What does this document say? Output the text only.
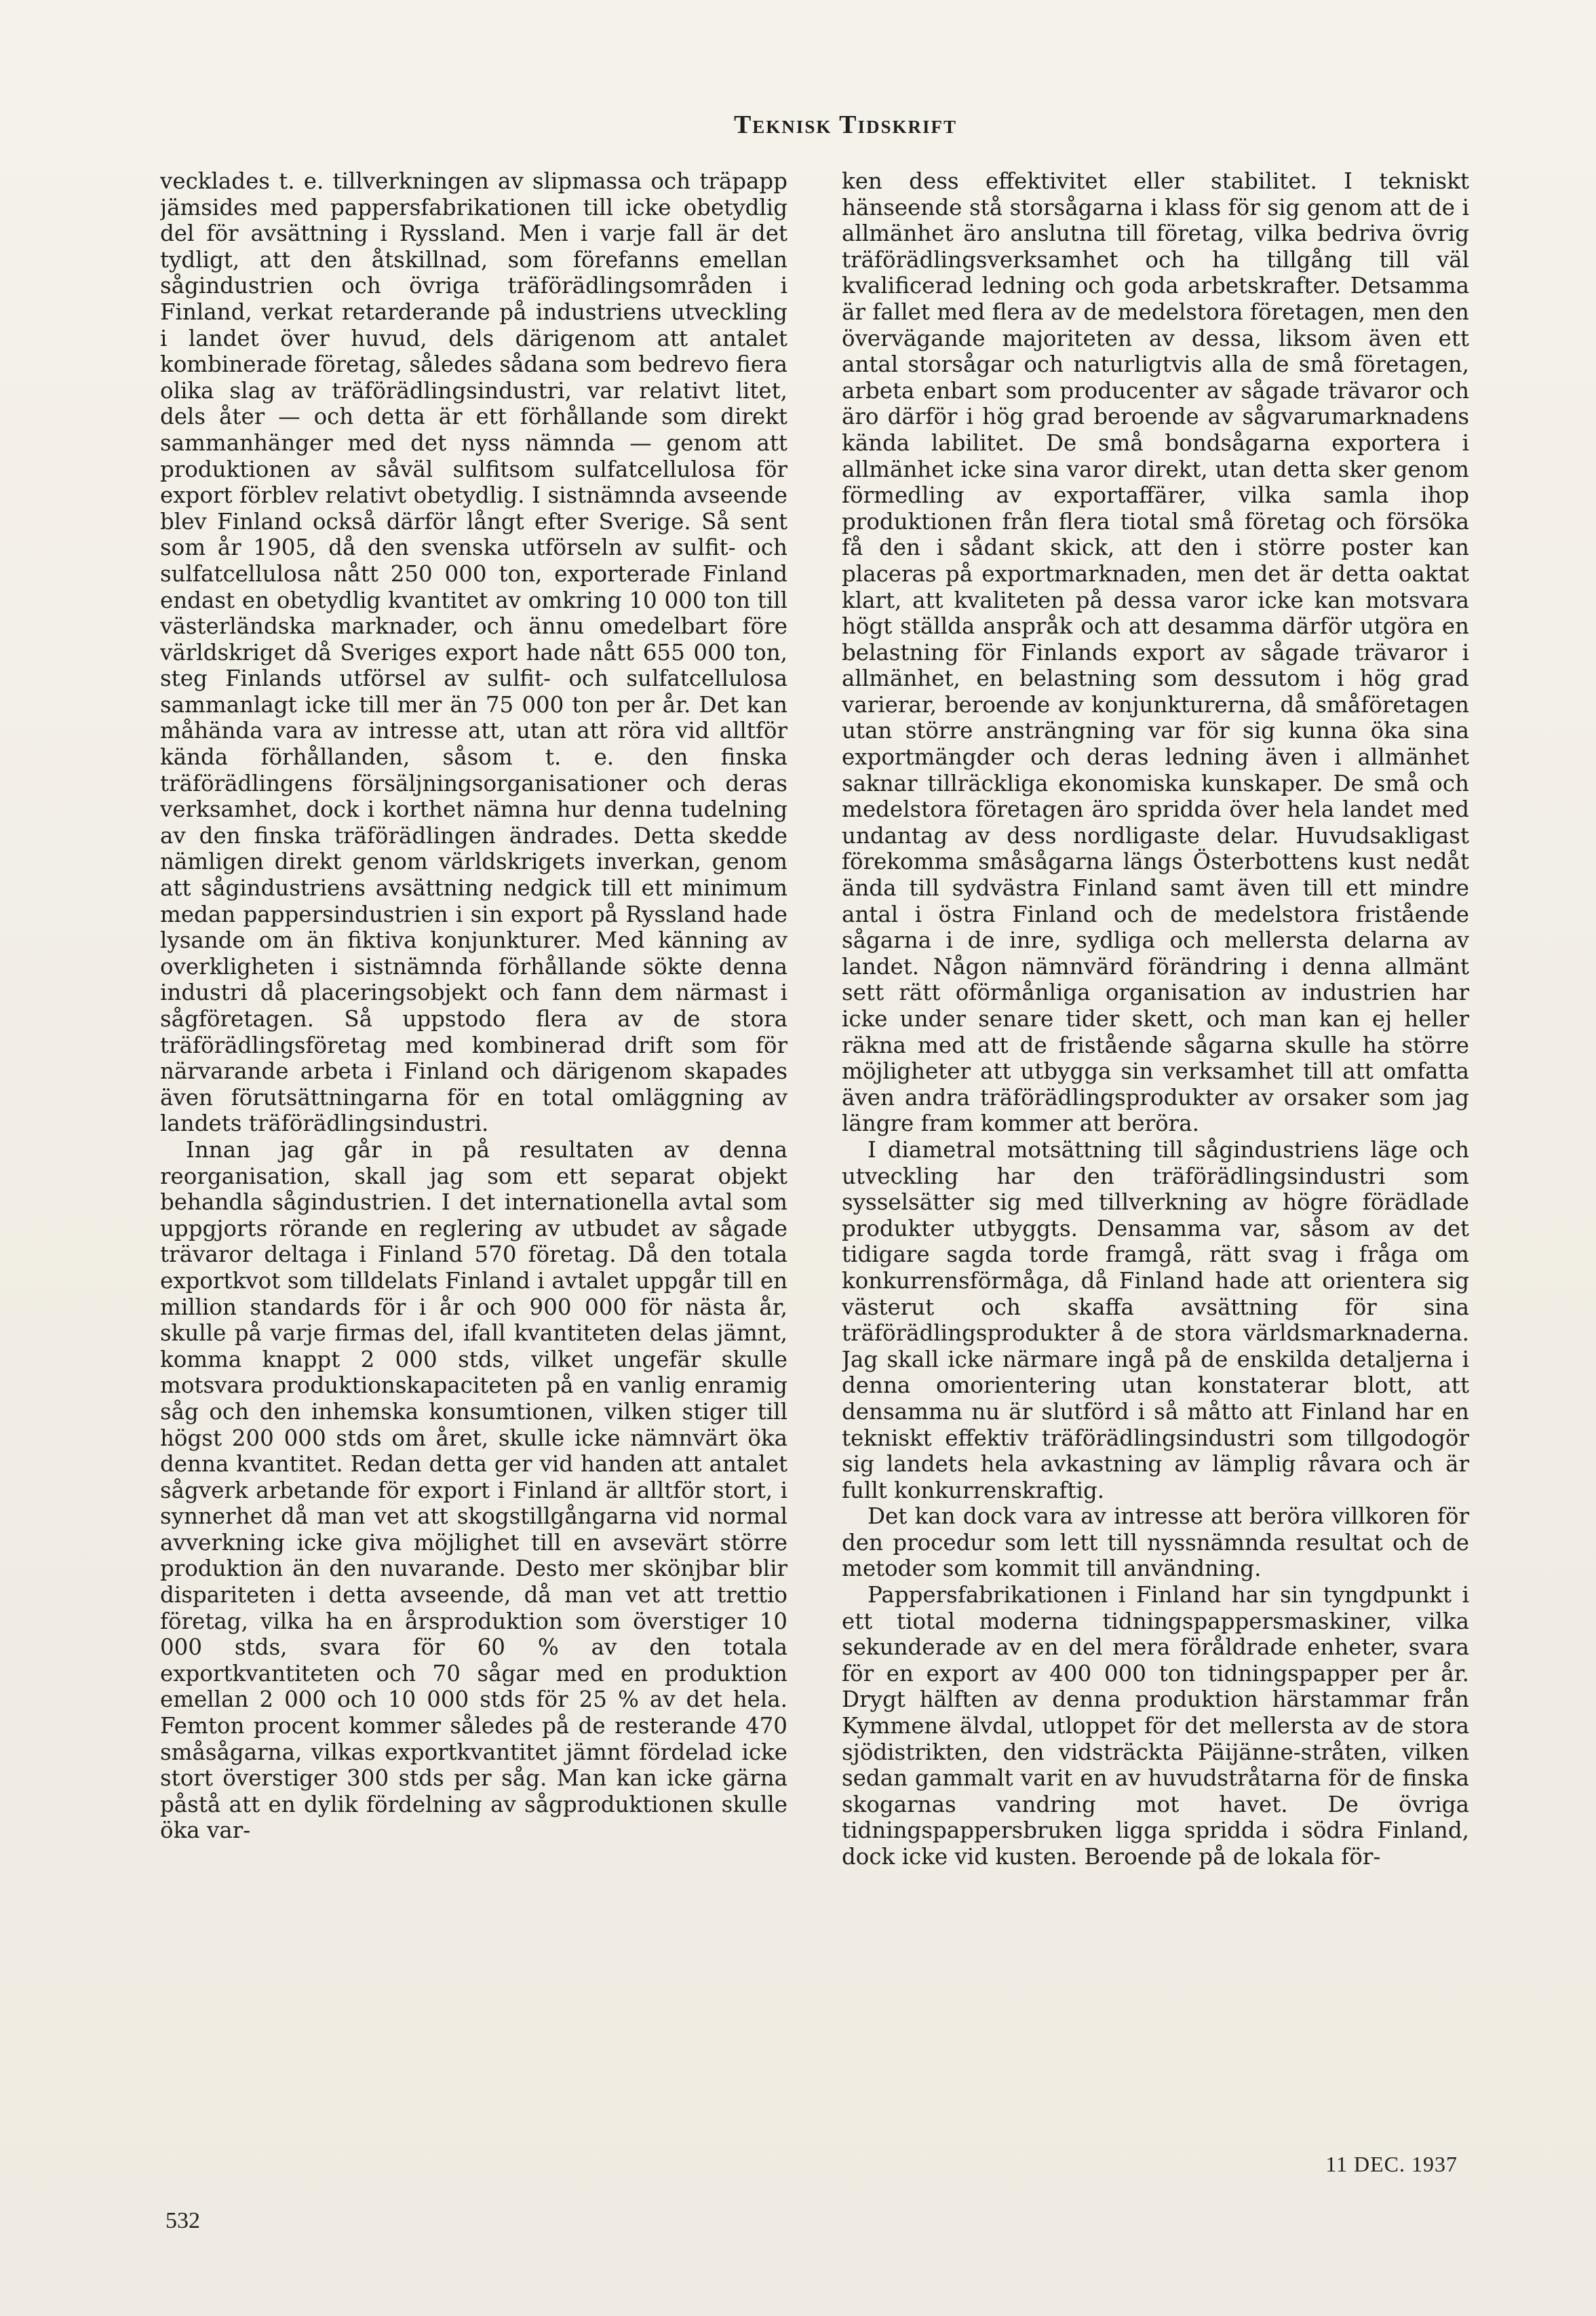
Teknisk Tidskrift

vecklades t. e. tillverkningen av slipmassa och träpapp jämsides med pappersfabrikationen till icke obetydlig del för avsättning i Ryssland. Men i varje fall är det tydligt, att den åtskillnad, som förefanns emellan sågindustrien och övriga träförädlingsområden i Finland, verkat retarderande på industriens utveckling i landet över huvud, dels därigenom att antalet kombinerade företag, således sådana som bedrevo fiera olika slag av träförädlingsindustri, var relativt litet, dels åter — och detta är ett förhållande som direkt sammanhänger med det nyss nämnda — genom att produktionen av såväl sulfitsom sulfatcellulosa för export förblev relativt obetydlig. I sistnämnda avseende blev Finland också därför långt efter Sverige. Så sent som år 1905, då den svenska utförseln av sulfit- och sulfatcellulosa nått 250 000 ton, exporterade Finland endast en obetydlig kvantitet av omkring 10 000 ton till västerländska marknader, och ännu omedelbart före världskriget då Sveriges export hade nått 655 000 ton, steg Finlands utförsel av sulfit- och sulfatcellulosa sammanlagt icke till mer än 75 000 ton per år. Det kan måhända vara av intresse att, utan att röra vid alltför kända förhållanden, såsom t. e. den finska träförädlingens försäljningsorganisationer och deras verksamhet, dock i korthet nämna hur denna tudelning av den finska träförädlingen ändrades. Detta skedde nämligen direkt genom världskrigets inverkan, genom att sågindustriens avsättning nedgick till ett minimum medan pappersindustrien i sin export på Ryssland hade lysande om än fiktiva konjunkturer. Med känning av overkligheten i sistnämnda förhållande sökte denna industri då placeringsobjekt och fann dem närmast i sågföretagen. Så uppstodo flera av de stora träförädlingsföretag med kombinerad drift som för närvarande arbeta i Finland och därigenom skapades även förutsättningarna för en total omläggning av landets träförädlingsindustri.

Innan jag går in på resultaten av denna reorganisation, skall jag som ett separat objekt behandla sågindustrien. I det internationella avtal som uppgjorts rörande en reglering av utbudet av sågade trävaror deltaga i Finland 570 företag. Då den totala exportkvot som tilldelats Finland i avtalet uppgår till en million standards för i år och 900 000 för nästa år, skulle på varje firmas del, ifall kvantiteten delas jämnt, komma knappt 2 000 stds, vilket ungefär skulle motsvara produktionskapaciteten på en vanlig enramig såg och den inhemska konsumtionen, vilken stiger till högst 200 000 stds om året, skulle icke nämnvärt öka denna kvantitet. Redan detta ger vid handen att antalet sågverk arbetande för export i Finland är alltför stort, i synnerhet då man vet att skogstillgångarna vid normal avverkning icke giva möjlighet till en avsevärt större produktion än den nuvarande. Desto mer skönjbar blir dispariteten i detta avseende, då man vet att trettio företag, vilka ha en årsproduktion som överstiger 10 000 stds, svara för 60 % av den totala exportkvantiteten och 70 sågar med en produktion emellan 2 000 och 10 000 stds för 25 % av det hela. Femton procent kommer således på de resterande 470 småsågarna, vilkas exportkvantitet jämnt fördelad icke stort överstiger 300 stds per såg. Man kan icke gärna påstå att en dylik fördelning av sågproduktionen skulle öka var-

ken dess effektivitet eller stabilitet. I tekniskt hänseende stå storsågarna i klass för sig genom att de i allmänhet äro anslutna till företag, vilka bedriva övrig träförädlingsverksamhet och ha tillgång till väl kvalificerad ledning och goda arbetskrafter. Detsamma är fallet med flera av de medelstora företagen, men den övervägande majoriteten av dessa, liksom även ett antal storsågar och naturligtvis alla de små företagen, arbeta enbart som producenter av sågade trävaror och äro därför i hög grad beroende av sågvarumarknadens kända labilitet. De små bondsågarna exportera i allmänhet icke sina varor direkt, utan detta sker genom förmedling av exportaffärer, vilka samla ihop produktionen från flera tiotal små företag och försöka få den i sådant skick, att den i större poster kan placeras på exportmarknaden, men det är detta oaktat klart, att kvaliteten på dessa varor icke kan motsvara högt ställda anspråk och att desamma därför utgöra en belastning för Finlands export av sågade trävaror i allmänhet, en belastning som dessutom i hög grad varierar, beroende av konjunkturerna, då småföretagen utan större ansträngning var för sig kunna öka sina exportmängder och deras ledning även i allmänhet saknar tillräckliga ekonomiska kunskaper. De små och medelstora företagen äro spridda över hela landet med undantag av dess nordligaste delar. Huvudsakligast förekomma småsågarna längs Österbottens kust nedåt ända till sydvästra Finland samt även till ett mindre antal i östra Finland och de medelstora fristående sågarna i de inre, sydliga och mellersta delarna av landet. Någon nämnvärd förändring i denna allmänt sett rätt oförmånliga organisation av industrien har icke under senare tider skett, och man kan ej heller räkna med att de fristående sågarna skulle ha större möjligheter att utbygga sin verksamhet till att omfatta även andra träförädlingsprodukter av orsaker som jag längre fram kommer att beröra.

I diametral motsättning till sågindustriens läge och utveckling har den träförädlingsindustri som sysselsätter sig med tillverkning av högre förädlade produkter utbyggts. Densamma var, såsom av det tidigare sagda torde framgå, rätt svag i fråga om konkurrensförmåga, då Finland hade att orientera sig västerut och skaffa avsättning för sina träförädlingsprodukter å de stora världsmarknaderna. Jag skall icke närmare ingå på de enskilda detaljerna i denna omorientering utan konstaterar blott, att densamma nu är slutförd i så måtto att Finland har en tekniskt effektiv träförädlingsindustri som tillgodogör sig landets hela avkastning av lämplig råvara och är fullt konkurrenskraftig.

Det kan dock vara av intresse att beröra villkoren för den procedur som lett till nyssnämnda resultat och de metoder som kommit till användning.

Pappersfabrikationen i Finland har sin tyngdpunkt i ett tiotal moderna tidningspappersmaskiner, vilka sekunderade av en del mera föråldrade enheter, svara för en export av 400 000 ton tidningspapper per år. Drygt hälften av denna produktion härstammar från Kymmene älvdal, utloppet för det mellersta av de stora sjödistrikten, den vidsträckta Päijänne-stråten, vilken sedan gammalt varit en av huvudstråtarna för de finska skogarnas vandring mot havet. De övriga tidningspappersbruken ligga spridda i södra Finland, dock icke vid kusten. Beroende på de lokala för-

11 DEC. 1937
532
